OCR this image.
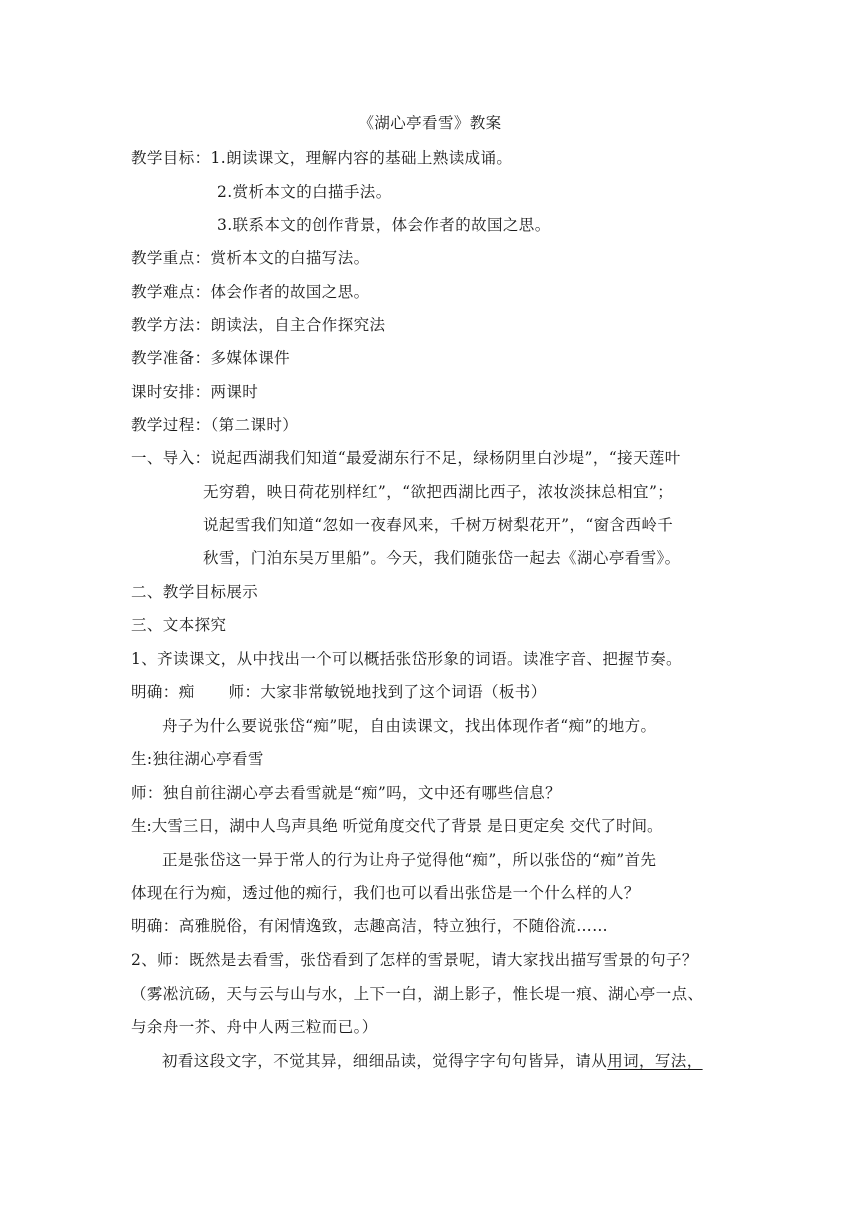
《湖心亭看雪》教案
教学目标：1.朗读课文，理解内容的基础上熟读成诵。
2.赏析本文的白描手法。
3.联系本文的创作背景，体会作者的故国之思。
教学重点：赏析本文的白描写法。
教学难点：体会作者的故国之思。
教学方法：朗读法，自主合作探究法
教学准备：多媒体课件
课时安排：两课时
教学过程：（第二课时）
一、导入：说起西湖我们知道“最爱湖东行不足，绿杨阴里白沙堤”，“接天莲叶
无穷碧，映日荷花别样红”，“欲把西湖比西子，浓妆淡抹总相宜”；
说起雪我们知道“忽如一夜春风来，千树万树梨花开”，“窗含西岭千
秋雪，门泊东吴万里船”。今天，我们随张岱一起去《湖心亭看雪》。
二、教学目标展示
三、文本探究
1、齐读课文，从中找出一个可以概括张岱形象的词语。读准字音、把握节奏。
明确：痴 师：大家非常敏锐地找到了这个词语（板书）
舟子为什么要说张岱“痴”呢，自由读课文，找出体现作者“痴”的地方。
生:独往湖心亭看雪
师：独自前往湖心亭去看雪就是“痴”吗，文中还有哪些信息？
生:大雪三日，湖中人鸟声具绝 听觉角度交代了背景 是日更定矣 交代了时间。
正是张岱这一异于常人的行为让舟子觉得他“痴”，所以张岱的“痴”首先
体现在行为痴，透过他的痴行，我们也可以看出张岱是一个什么样的人？
明确：高雅脱俗，有闲情逸致，志趣高洁，特立独行，不随俗流……
2、师：既然是去看雪，张岱看到了怎样的雪景呢，请大家找出描写雪景的句子？
（雾凇沆砀，天与云与山与水，上下一白，湖上影子，惟长堤一痕、湖心亭一点、
与余舟一芥、舟中人两三粒而已。）
初看这段文字，不觉其异，细细品读，觉得字字句句皆异，请从用词，写法，
